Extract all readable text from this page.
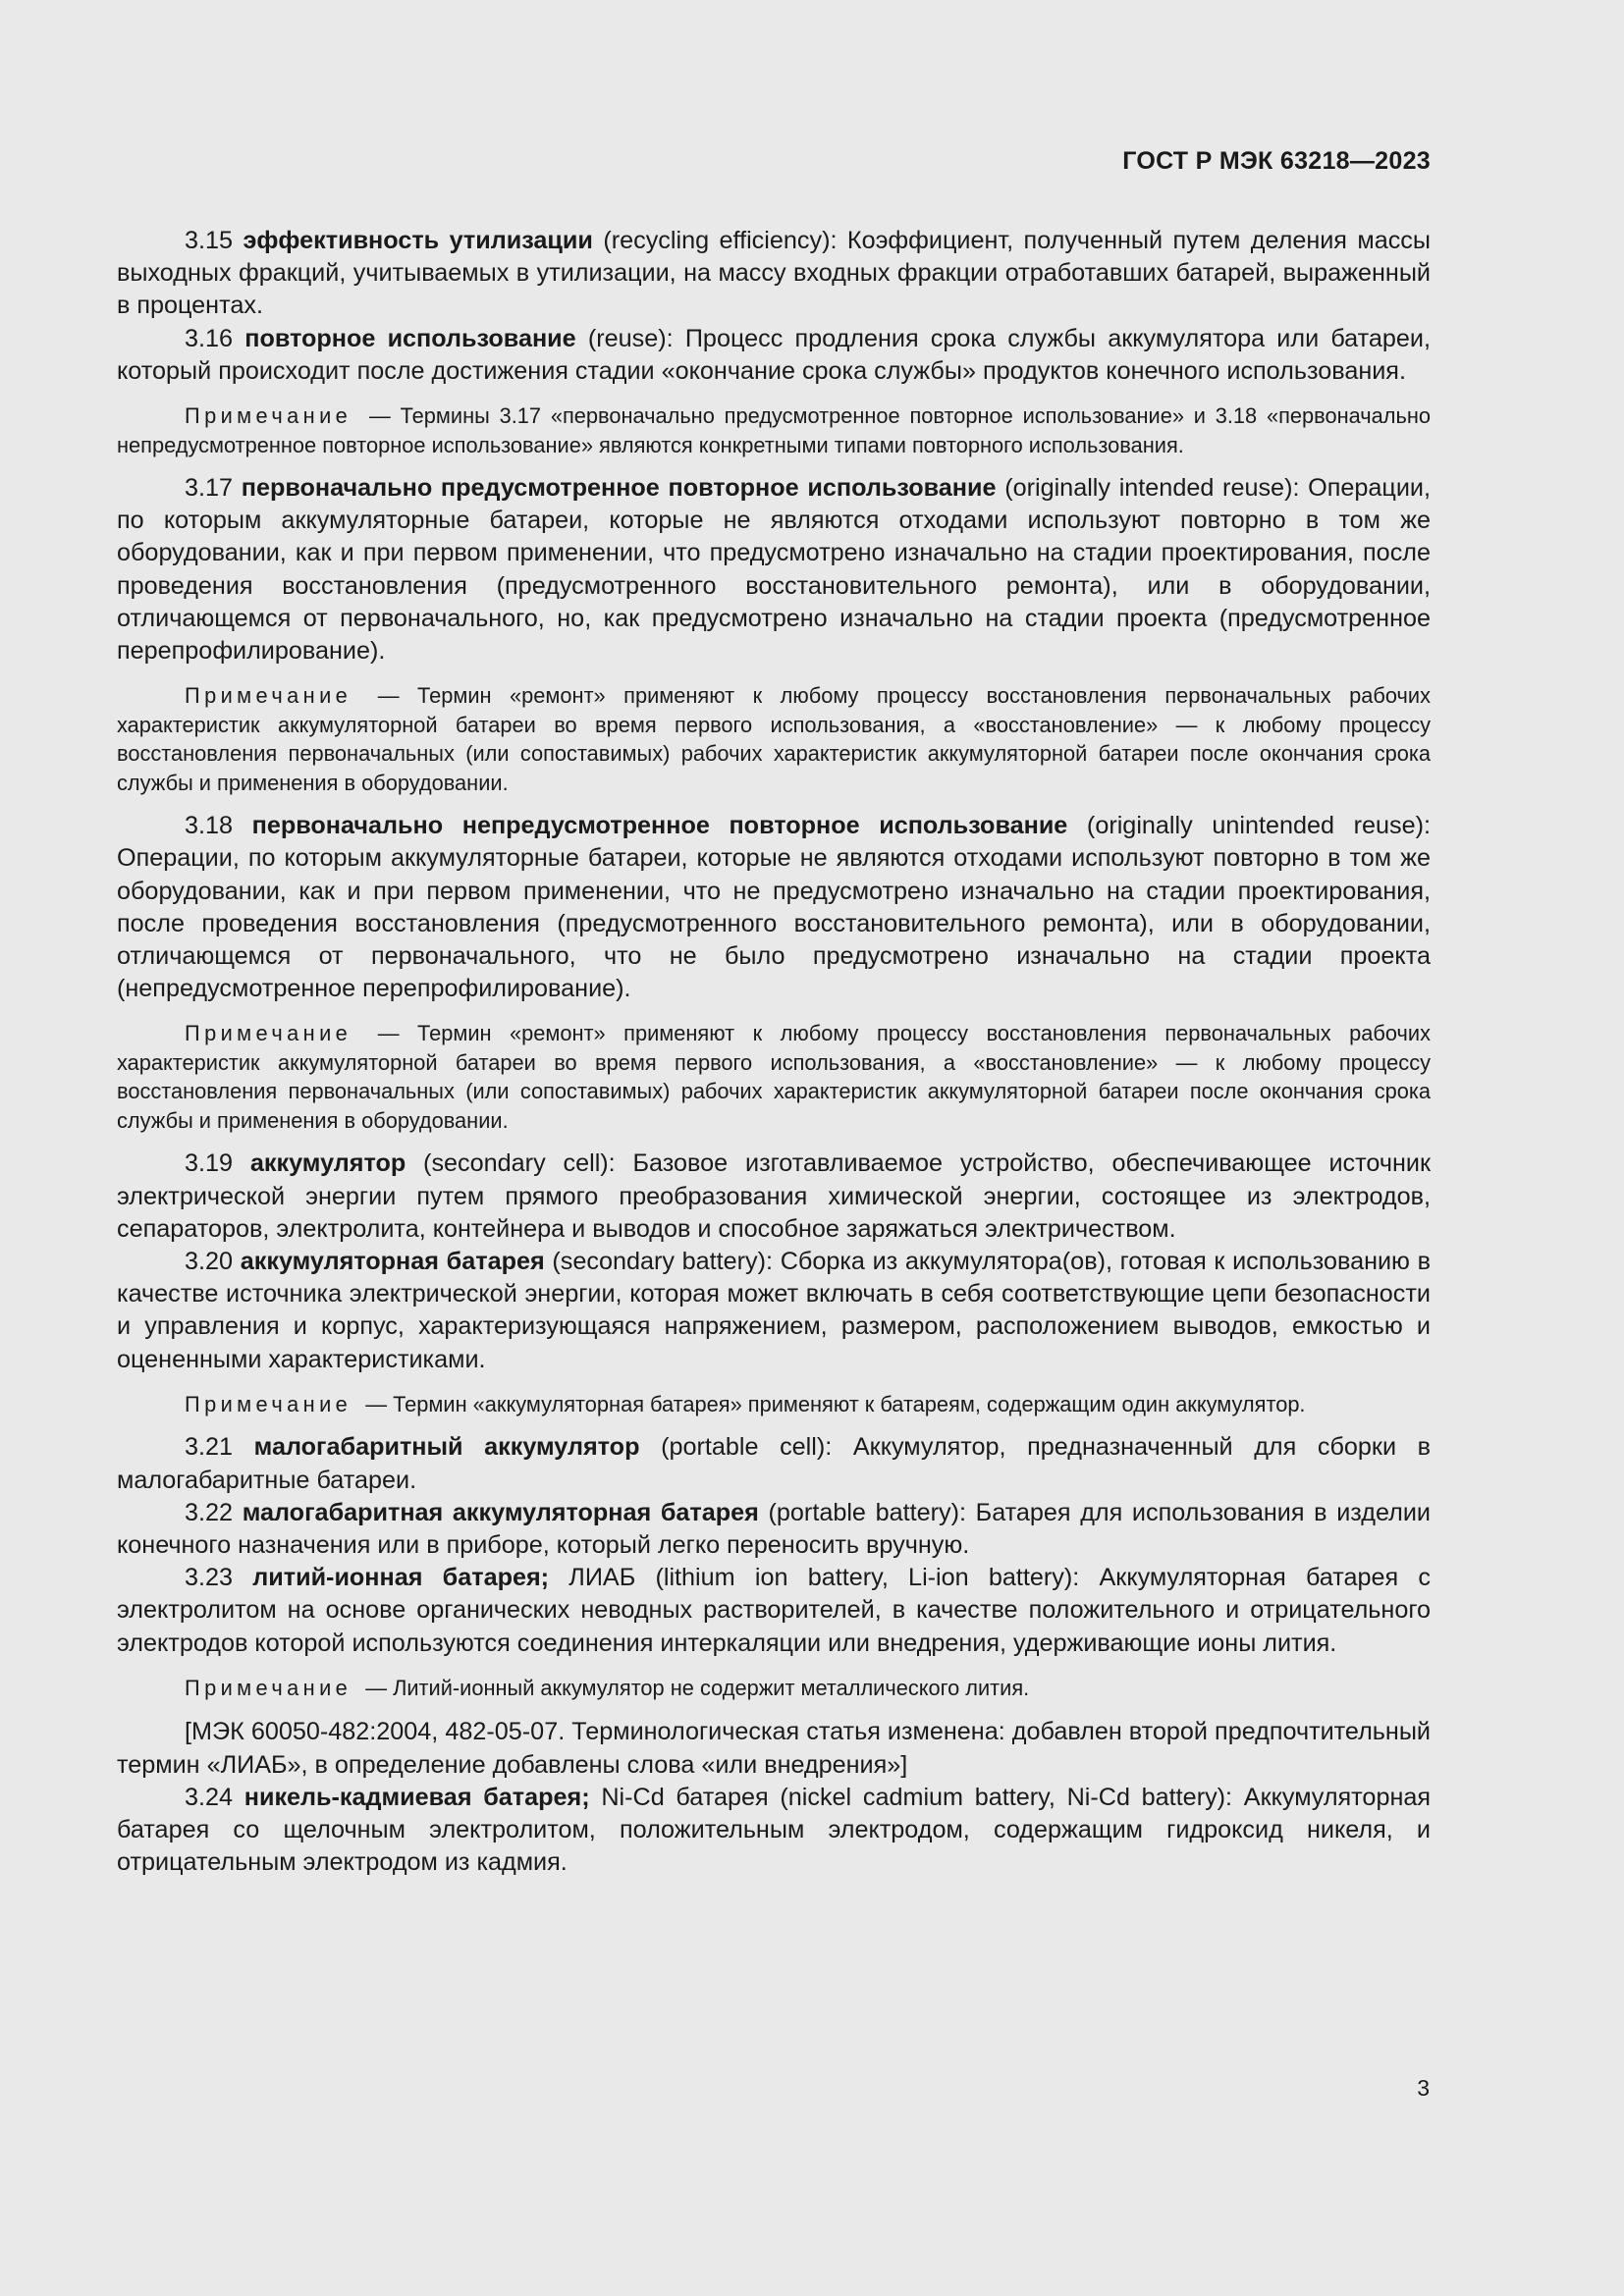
ГОСТ Р МЭК 63218—2023

3.15 эффективность утилизации (recycling efficiency): Коэффициент, полученный путем деления массы выходных фракций, учитываемых в утилизации, на массу входных фракции отработавших батарей, выраженный в процентах.

3.16 повторное использование (reuse): Процесс продления срока службы аккумулятора или батареи, который происходит после достижения стадии «окончание срока службы» продуктов конечного использования.

Примечание — Термины 3.17 «первоначально предусмотренное повторное использование» и 3.18 «первоначально непредусмотренное повторное использование» являются конкретными типами повторного использования.

3.17 первоначально предусмотренное повторное использование (originally intended reuse): Операции, по которым аккумуляторные батареи, которые не являются отходами используют повторно в том же оборудовании, как и при первом применении, что предусмотрено изначально на стадии проектирования, после проведения восстановления (предусмотренного восстановительного ремонта), или в оборудовании, отличающемся от первоначального, но, как предусмотрено изначально на стадии проекта (предусмотренное перепрофилирование).

Примечание — Термин «ремонт» применяют к любому процессу восстановления первоначальных рабочих характеристик аккумуляторной батареи во время первого использования, а «восстановление» — к любому процессу восстановления первоначальных (или сопоставимых) рабочих характеристик аккумуляторной батареи после окончания срока службы и применения в оборудовании.

3.18 первоначально непредусмотренное повторное использование (originally unintended reuse): Операции, по которым аккумуляторные батареи, которые не являются отходами используют повторно в том же оборудовании, как и при первом применении, что не предусмотрено изначально на стадии проектирования, после проведения восстановления (предусмотренного восстановительного ремонта), или в оборудовании, отличающемся от первоначального, что не было предусмотрено изначально на стадии проекта (непредусмотренное перепрофилирование).

Примечание — Термин «ремонт» применяют к любому процессу восстановления первоначальных рабочих характеристик аккумуляторной батареи во время первого использования, а «восстановление» — к любому процессу восстановления первоначальных (или сопоставимых) рабочих характеристик аккумуляторной батареи после окончания срока службы и применения в оборудовании.

3.19 аккумулятор (secondary cell): Базовое изготавливаемое устройство, обеспечивающее источник электрической энергии путем прямого преобразования химической энергии, состоящее из электродов, сепараторов, электролита, контейнера и выводов и способное заряжаться электричеством.

3.20 аккумуляторная батарея (secondary battery): Сборка из аккумулятора(ов), готовая к использованию в качестве источника электрической энергии, которая может включать в себя соответствующие цепи безопасности и управления и корпус, характеризующаяся напряжением, размером, расположением выводов, емкостью и оцененными характеристиками.

Примечание — Термин «аккумуляторная батарея» применяют к батареям, содержащим один аккумулятор.

3.21 малогабаритный аккумулятор (portable cell): Аккумулятор, предназначенный для сборки в малогабаритные батареи.

3.22 малогабаритная аккумуляторная батарея (portable battery): Батарея для использования в изделии конечного назначения или в приборе, который легко переносить вручную.

3.23 литий-ионная батарея; ЛИАБ (lithium ion battery, Li-ion battery): Аккумуляторная батарея с электролитом на основе органических неводных растворителей, в качестве положительного и отрицательного электродов которой используются соединения интеркаляции или внедрения, удерживающие ионы лития.

Примечание — Литий-ионный аккумулятор не содержит металлического лития.

[МЭК 60050-482:2004, 482-05-07. Терминологическая статья изменена: добавлен второй предпочтительный термин «ЛИАБ», в определение добавлены слова «или внедрения»]

3.24 никель-кадмиевая батарея; Ni-Cd батарея (nickel cadmium battery, Ni-Cd battery): Аккумуляторная батарея со щелочным электролитом, положительным электродом, содержащим гидроксид никеля, и отрицательным электродом из кадмия.

3
